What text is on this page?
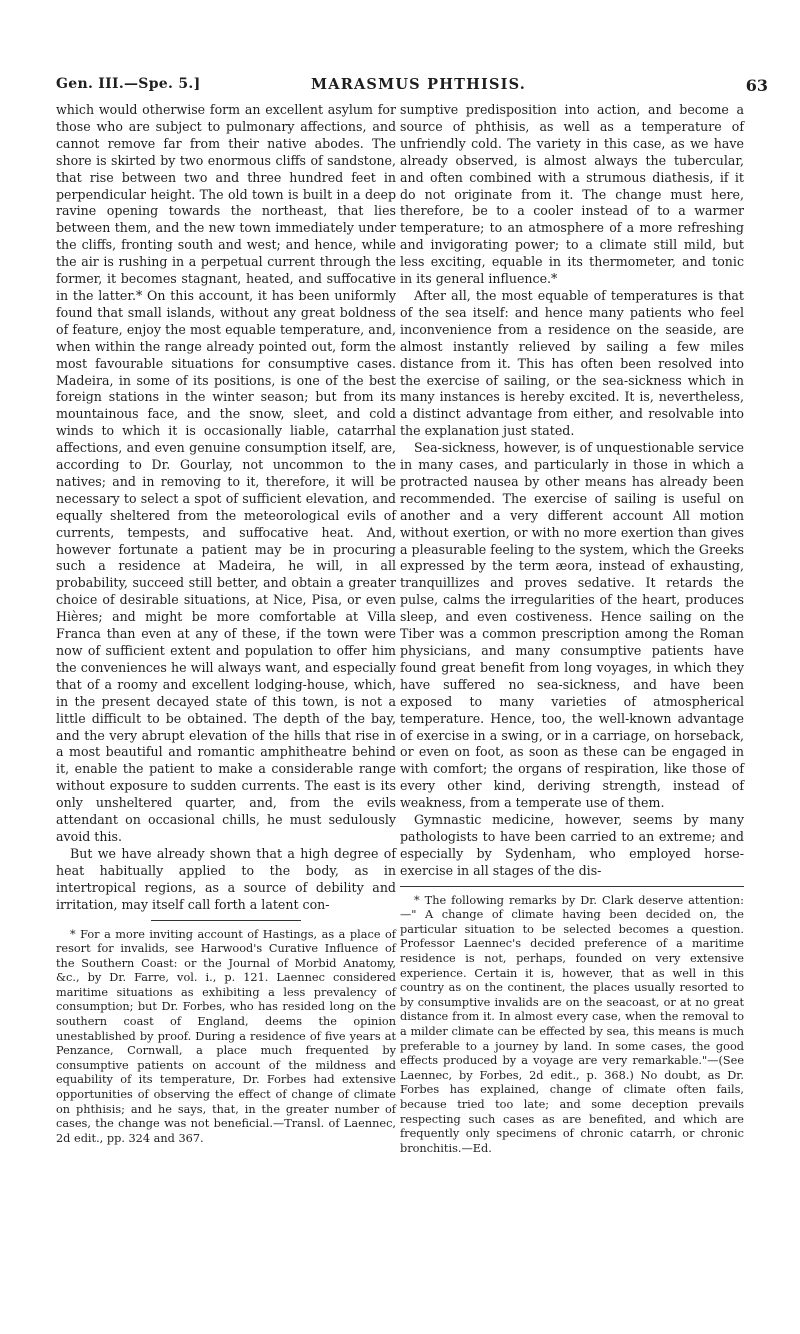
Gen. III.—Spe. 5.]	MARASMUS PHTHISIS.	63

which would otherwise form an excellent asylum for those who are subject to pulmonary affections, and cannot remove far from their native abodes. The shore is skirted by two enormous cliffs of sandstone, that rise between two and three hundred feet in perpendicular height. The old town is built in a deep ravine opening towards the northeast, that lies between them, and the new town immediately under the cliffs, fronting south and west; and hence, while the air is rushing in a perpetual current through the former, it becomes stagnant, heated, and suffocative in the latter.* On this account, it has been uniformly found that small islands, without any great boldness of feature, enjoy the most equable temperature, and, when within the range already pointed out, form the most favourable situations for consumptive cases. Madeira, in some of its positions, is one of the best foreign stations in the winter season; but from its mountainous face, and the snow, sleet, and cold winds to which it is occasionally liable, catarrhal affections, and even genuine consumption itself, are, according to Dr. Gourlay, not uncommon to the natives; and in removing to it, therefore, it will be necessary to select a spot of sufficient elevation, and equally sheltered from the meteorological evils of currents, tempests, and suffocative heat. And, however fortunate a patient may be in procuring such a residence at Madeira, he will, in all probability, succeed still better, and obtain a greater choice of desirable situations, at Nice, Pisa, or even Hières; and might be more comfortable at Villa Franca than even at any of these, if the town were now of sufficient extent and population to offer him the conveniences he will always want, and especially that of a roomy and excellent lodging-house, which, in the present decayed state of this town, is not a little difficult to be obtained. The depth of the bay, and the very abrupt elevation of the hills that rise in a most beautiful and romantic amphitheatre behind it, enable the patient to make a considerable range without exposure to sudden currents. The east is its only unsheltered quarter, and, from the evils attendant on occasional chills, he must sedulously avoid this.

But we have already shown that a high degree of heat habitually applied to the body, as in intertropical regions, as a source of debility and irritation, may itself call forth a latent con-

* For a more inviting account of Hastings, as a place of resort for invalids, see Harwood's Curative Influence of the Southern Coast: or the Journal of Morbid Anatomy, &c., by Dr. Farre, vol. i., p. 121. Laennec considered maritime situations as exhibiting a less prevalency of consumption; but Dr. Forbes, who has resided long on the southern coast of England, deems the opinion unestablished by proof. During a residence of five years at Penzance, Cornwall, a place much frequented by consumptive patients on account of the mildness and equability of its temperature, Dr. Forbes had extensive opportunities of observing the effect of change of climate on phthisis; and he says, that, in the greater number of cases, the change was not beneficial.—Transl. of Laennec, 2d edit., pp. 324 and 367.

sumptive predisposition into action, and become a source of phthisis, as well as a temperature of unfriendly cold. The variety in this case, as we have already observed, is almost always the tubercular, and often combined with a strumous diathesis, if it do not originate from it. The change must here, therefore, be to a cooler instead of to a warmer temperature; to an atmosphere of a more refreshing and invigorating power; to a climate still mild, but less exciting, equable in its thermometer, and tonic in its general influence.*

After all, the most equable of temperatures is that of the sea itself: and hence many patients who feel inconvenience from a residence on the seaside, are almost instantly relieved by sailing a few miles distance from it. This has often been resolved into the exercise of sailing, or the sea-sickness which in many instances is hereby excited. It is, nevertheless, a distinct advantage from either, and resolvable into the explanation just stated.

Sea-sickness, however, is of unquestionable service in many cases, and particularly in those in which a protracted nausea by other means has already been recommended. The exercise of sailing is useful on another and a very different account All motion without exertion, or with no more exertion than gives a pleasurable feeling to the system, which the Greeks expressed by the term æora, instead of exhausting, tranquillizes and proves sedative. It retards the pulse, calms the irregularities of the heart, produces sleep, and even costiveness. Hence sailing on the Tiber was a common prescription among the Roman physicians, and many consumptive patients have found great benefit from long voyages, in which they have suffered no sea-sickness, and have been exposed to many varieties of atmospherical temperature. Hence, too, the well-known advantage of exercise in a swing, or in a carriage, on horseback, or even on foot, as soon as these can be engaged in with comfort; the organs of respiration, like those of every other kind, deriving strength, instead of weakness, from a temperate use of them.

Gymnastic medicine, however, seems by many pathologists to have been carried to an extreme; and especially by Sydenham, who employed horse-exercise in all stages of the dis-

* The following remarks by Dr. Clark deserve attention:—" A change of climate having been decided on, the particular situation to be selected becomes a question. Professor Laennec's decided preference of a maritime residence is not, perhaps, founded on very extensive experience. Certain it is, however, that as well in this country as on the continent, the places usually resorted to by consumptive invalids are on the seacoast, or at no great distance from it. In almost every case, when the removal to a milder climate can be effected by sea, this means is much preferable to a journey by land. In some cases, the good effects produced by a voyage are very remarkable."—(See Laennec, by Forbes, 2d edit., p. 368.) No doubt, as Dr. Forbes has explained, change of climate often fails, because tried too late; and some deception prevails respecting such cases as are benefited, and which are frequently only specimens of chronic catarrh, or chronic bronchitis.—Ed.
